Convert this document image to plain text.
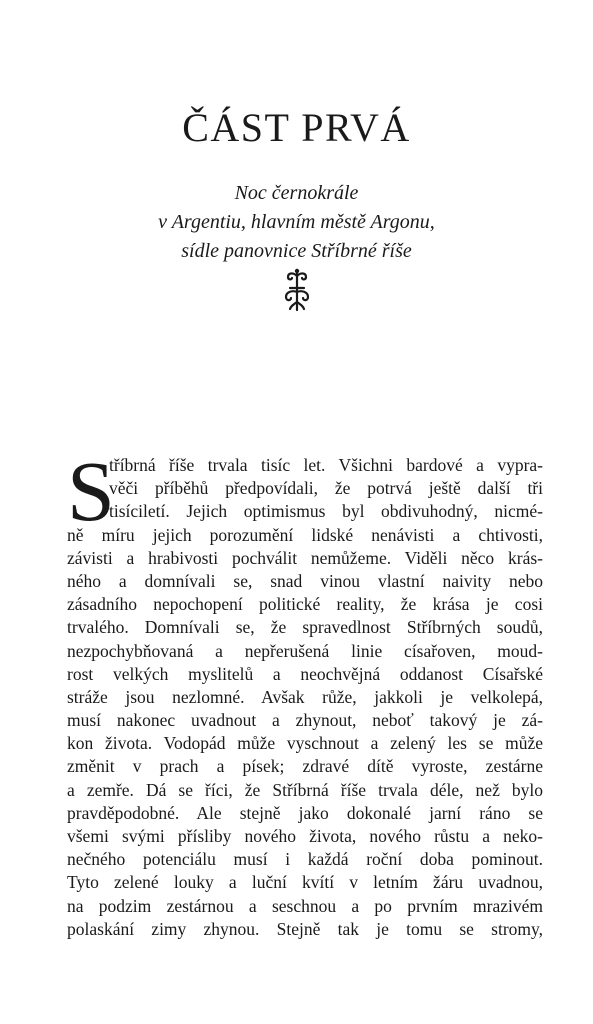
ČÁST PRVÁ
Noc černokrále
v Argentiu, hlavním městě Argonu,
sídle panovnice Stříbrné říše
S
tříbrná říše trvala tisíc let. Všichni bardové a vypra-
věči příběhů předpovídali, že potrvá ještě další tři
tisíciletí. Jejich optimismus byl obdivuhodný, nicmé-
ně míru jejich porozumění lidské nenávisti a chtivosti,
závisti a hrabivosti pochválit nemůžeme. Viděli něco krás-
ného a domnívali se, snad vinou vlastní naivity nebo
zásadního nepochopení politické reality, že krása je cosi
trvalého. Domnívali se, že spravedlnost Stříbrných soudů,
nezpochybňovaná a nepřerušená linie císařoven, moud-
rost velkých myslitelů a neochvějná oddanost Císařské
stráže jsou nezlomné. Avšak růže, jakkoli je velkolepá,
musí nakonec uvadnout a zhynout, neboť takový je zá-
kon života. Vodopád může vyschnout a zelený les se může
změnit v prach a písek; zdravé dítě vyroste, zestárne
a zemře. Dá se říci, že Stříbrná říše trvala déle, než bylo
pravděpodobné. Ale stejně jako dokonalé jarní ráno se
všemi svými přísliby nového života, nového růstu a neko-
nečného potenciálu musí i každá roční doba pominout.
Tyto zelené louky a luční kvítí v letním žáru uvadnou,
na podzim zestárnou a seschnou a po prvním mrazivém
polaskání zimy zhynou. Stejně tak je tomu se stromy,
